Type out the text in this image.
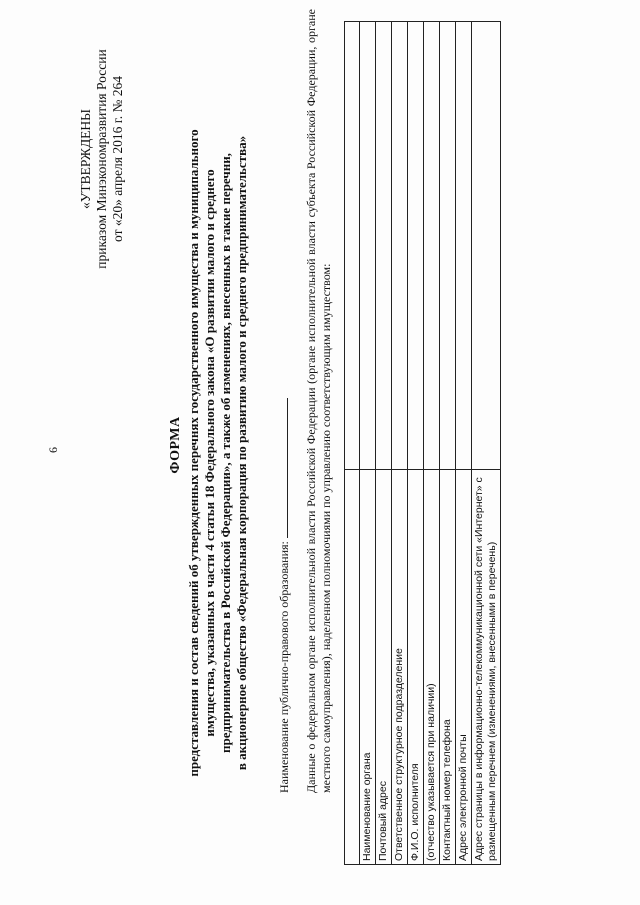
6
«УТВЕРЖДЕНЫ приказом Минэкономразвития России от «20» апреля 2016 г. № 264
ФОРМА представления и состав сведений об утвержденных перечнях государственного имущества и муниципального имущества, указанных в части 4 статьи 18 Федерального закона «О развитии малого и среднего предпринимательства в Российской Федерации», а также об изменениях, внесенных в такие перечни, в акционерное общество «Федеральная корпорация по развитию малого и среднего предпринимательства» Наименование публично-правового образования: Данные о федеральном органе исполнительной власти Российской Федерации (органе исполнительной власти субъекта Российской Федерации, органе местного самоуправления), наделенном полномочиями по управлению соответствующим имуществом:

Наименование органа	
Почтовый адрес	
Ответственное структурное подразделение	
Ф.И.О. исполнителя	
(отчество указывается при наличии)	
Контактный номер телефона	
Адрес электронной почты	
Адрес страницы в информационно-телекоммуникационной сети «Интернет» с размещенным перечнем (изменениями, внесенными в перечень)	
